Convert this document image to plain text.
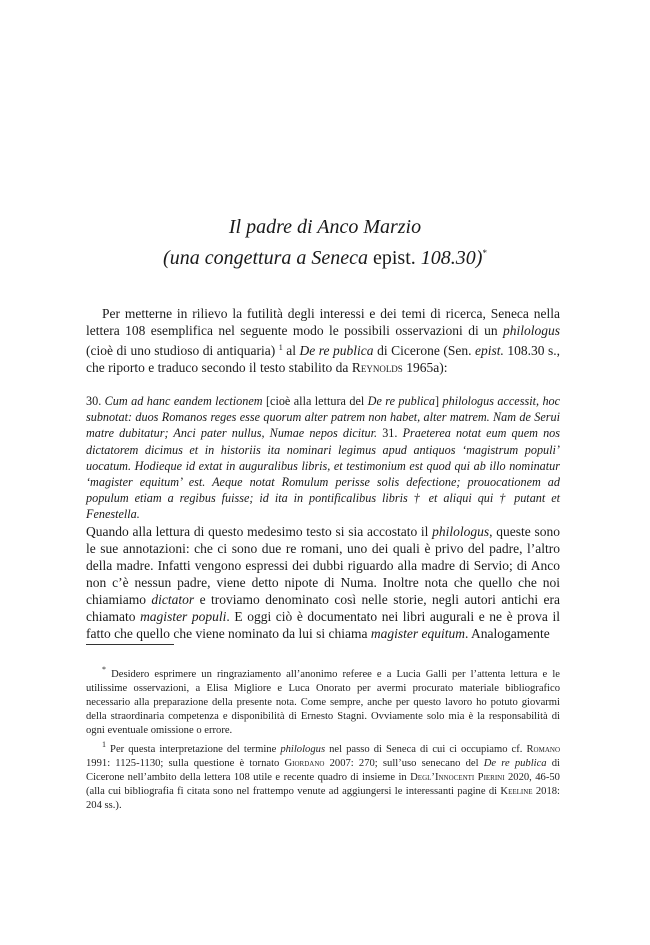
Il padre di Anco Marzio
(una congettura a Seneca epist. 108.30)*

Per metterne in rilievo la futilità degli interessi e dei temi di ricerca, Seneca nella lettera 108 esemplifica nel seguente modo le possibili osservazioni di un philologus (cioè di uno studioso di antiquaria) $^1$ al De re publica di Cicerone (Sen. epist. 108.30 s., che riporto e traduco secondo il testo stabilito da Reynolds 1965a):

30. Cum ad hanc eandem lectionem [cioè alla lettura del De re publica] philologus accessit, hoc subnotat: duos Romanos reges esse quorum alter patrem non habet, alter matrem. Nam de Serui matre dubitatur; Anci pater nullus, Numae nepos dicitur. 31. Praeterea notat eum quem nos dictatorem dicimus et in historiis ita nominari legimus apud antiquos ‘magistrum populi’ uocatum. Hodieque id extat in auguralibus libris, et testimonium est quod qui ab illo nominatur ‘magister equitum’ est. Aeque notat Romulum perisse solis defectione; prouocationem ad populum etiam a regibus fuisse; id ita in pontificalibus libris † et aliqui qui † putant et Fenestella.

Quando alla lettura di questo medesimo testo si sia accostato il philologus, queste sono le sue annotazioni: che ci sono due re romani, uno dei quali è privo del padre, l’altro della madre. Infatti vengono espressi dei dubbi riguardo alla madre di Servio; di Anco non c’è nessun padre, viene detto nipote di Numa. Inoltre nota che quello che noi chiamiamo dictator e troviamo denominato così nelle storie, negli autori antichi era chiamato magister populi. E oggi ciò è documentato nei libri augurali e ne è prova il fatto che quello che viene nominato da lui si chiama magister equitum. Analogamente

* Desidero esprimere un ringraziamento all’anonimo referee e a Lucia Galli per l’attenta lettura e le utilissime osservazioni, a Elisa Migliore e Luca Onorato per avermi procurato materiale bibliografico necessario alla preparazione della presente nota. Come sempre, anche per questo lavoro ho potuto giovarmi della straordinaria competenza e disponibilità di Ernesto Stagni. Ovviamente solo mia è la responsabilità di ogni eventuale omissione o errore.

$^1$ Per questa interpretazione del termine philologus nel passo di Seneca di cui ci occupiamo cf. Romano 1991: 1125-1130; sulla questione è tornato Giordano 2007: 270; sull’uso senecano del De re publica di Cicerone nell’ambito della lettera 108 utile e recente quadro di insieme in Degl’Innocenti Pierini 2020, 46-50 (alla cui bibliografia fi citata sono nel frattempo venute ad aggiungersi le interessanti pagine di Keeline 2018: 204 ss.).
